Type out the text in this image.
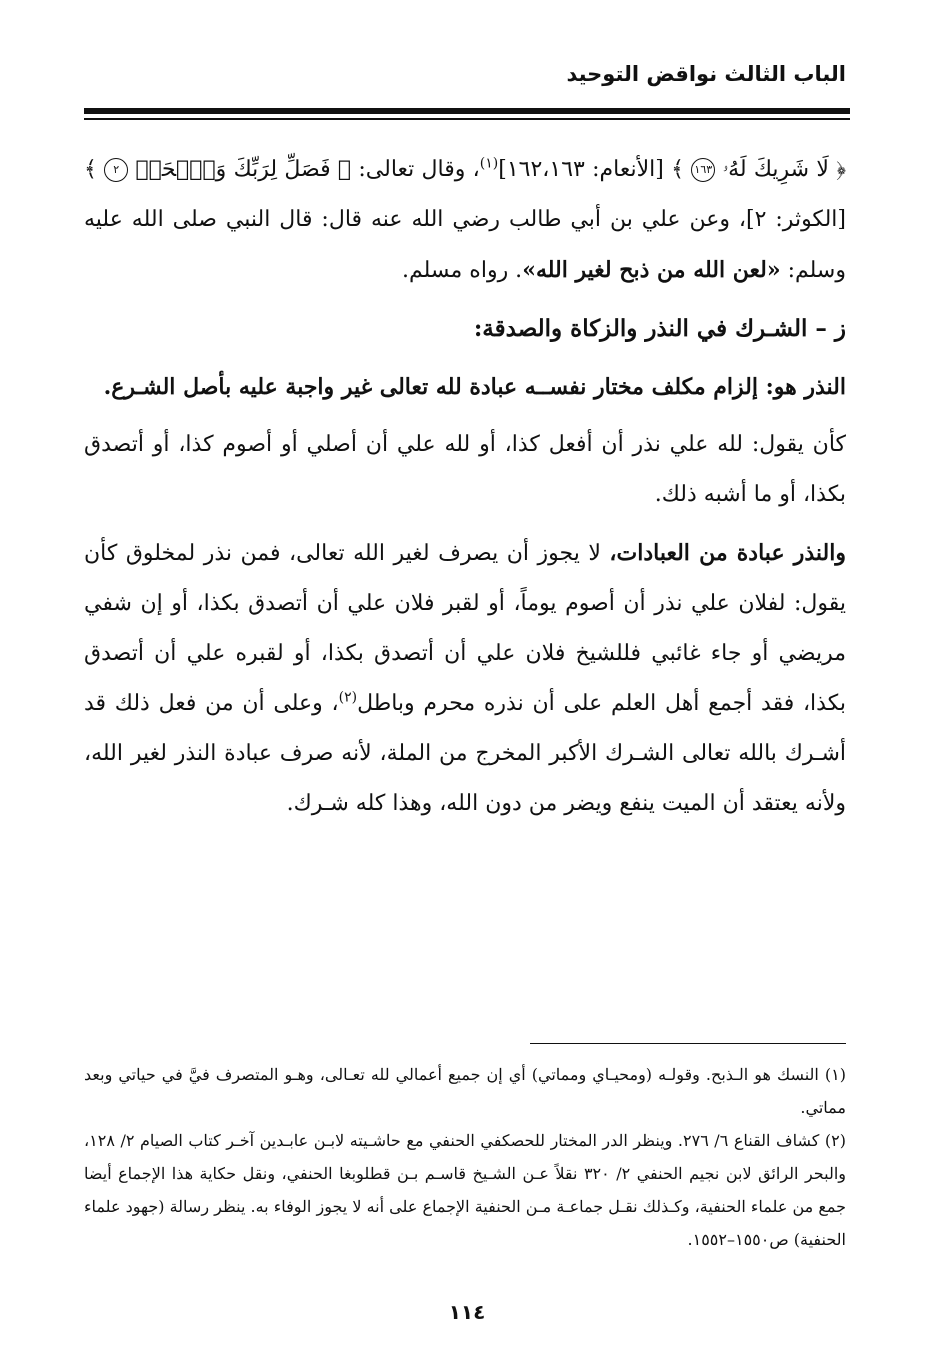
الباب الثالث نواقض التوحيد

﴿ لَا شَرِيكَ لَهُۥ ١٦٣ ﴾ [الأنعام: ١٦٢،١٦٣]$^{(١)}$، وقال تعالى: ﴿ فَصَلِّ لِرَبِّكَ وَٱنۡحَرۡ ٢ ﴾ [الكوثر: ٢]، وعن علي بن أبي طالب رضي الله عنه قال: قال النبي صلى الله عليه وسلم: «لعن الله من ذبح لغير الله». رواه مسلم.

ز – الشـرك في النذر والزكاة والصدقة:

النذر هو: إلزام مكلف مختار نفســه عبادة لله تعالى غير واجبة عليه بأصل الشـرع.

كأن يقول: لله علي نذر أن أفعل كذا، أو لله علي أن أصلي أو أصوم كذا، أو أتصدق بكذا، أو ما أشبه ذلك.

والنذر عبادة من العبادات، لا يجوز أن يصرف لغير الله تعالى، فمن نذر لمخلوق كأن يقول: لفلان علي نذر أن أصوم يوماً، أو لقبر فلان علي أن أتصدق بكذا، أو إن شفي مريضي أو جاء غائبي فللشيخ فلان علي أن أتصدق بكذا، أو لقبره علي أن أتصدق بكذا، فقد أجمع أهل العلم على أن نذره محرم وباطل$^{(٢)}$، وعلى أن من فعل ذلك قد أشـرك بالله تعالى الشـرك الأكبر المخرج من الملة، لأنه صرف عبادة النذر لغير الله، ولأنه يعتقد أن الميت ينفع ويضر من دون الله، وهذا كله شـرك.

(١) النسك هو الـذبح. وقولـه (ومحيـاي ومماتي) أي إن جميع أعمالي لله تعـالى، وهـو المتصرف فيَّ في حياتي وبعد مماتي.

(٢) كشاف القناع ٦/ ٢٧٦. وينظر الدر المختار للحصكفي الحنفي مع حاشـيته لابـن عابـدين آخـر كتاب الصيام ٢/ ١٢٨، والبحر الرائق لابن نجيم الحنفي ٢/ ٣٢٠ نقلاً عـن الشـيخ قاسـم بـن قطلوبغا الحنفي، ونقل حكاية هذا الإجماع أيضا جمع من علماء الحنفية، وكـذلك نقـل جماعـة مـن الحنفية الإجماع على أنه لا يجوز الوفاء به. ينظر رسالة (جهود علماء الحنفية) ص١٥٥٠–١٥٥٢.

١١٤
